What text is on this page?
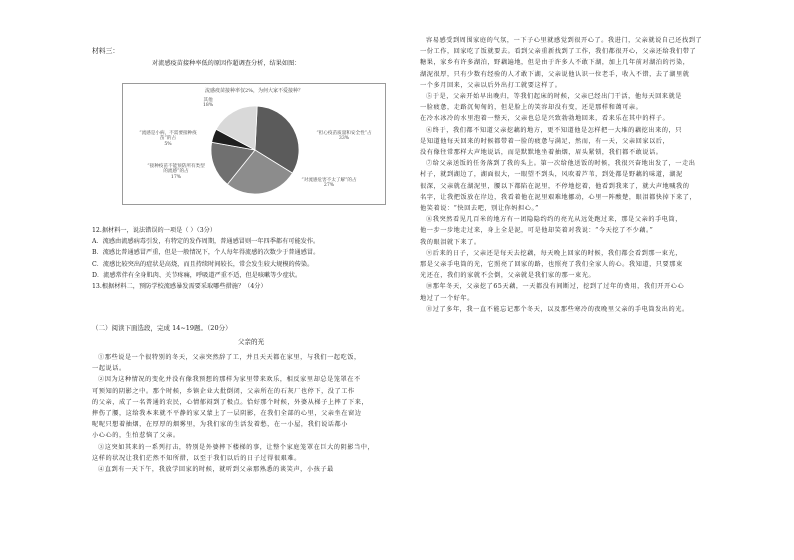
材料三：
对流感疫苗接种率低的原因作超调查分析，结果如图：
流感疫苗接种率仅2%，为何大家不爱接种？
其他
18%
“担心疫苗质量和安全性”占
33%
“对流感危害不太了解”的占
27%
“接种疫苗不能预防所有类型的流感”的占
17%
“流感是小病，不需要接种疫苗”的占
5%
12.据材料一，说法错误的一项是（ ）（3分）
A．流感由流感病毒引发，有特定的发作周期，普通感冒则一年四季都有可能发作。
B．流感比普通感冒严重，但是一般情况下，个人每年得流感的次数少于普通感冒。
C．流感比较突出的症状是高烧，而且持续时间较长，常会发生较大规模的传染。
D．流感常伴有全身肌肉、关节疼痛，呼吸道严重不适，但是咳嗽等少症状。
13.根据材料二，预防学校流感暴发需要采取哪些措施？（4分）
（二）阅读下面选段，完成 14~19题。（20分）
父亲的光
①那些说是一个很特别的冬天，父亲突然辞了工，并且天天都在家里，与我们一起吃饭，
一起说话。
②因为这种情况的变化并没有像我预想的那样为家里带来欢乐，相反家里却总是笼罩在不
可预知的阴影之中。那个时候，乡镇企业大批倒闭，父亲所在的石灰厂也停下，没了工作
的父亲，成了一名普通的农民，心情郁闷到了极点。恰好那个时候，外婆从梯子上摔了下来，
摔伤了腰，这给我本来就不平静的家又蒙上了一层阴影，在我们全部的心里，父亲坐在窗边
呢呢只想着抽烟，在厚厚的烟雾里，为我们家的生活发着愁，在一小屋，我们说话都小
小心心的，生怕惹恼了父亲。
③这突如其来的一系列打击，特别是外婆摔下楼梯的事，让整个家庭笼罩在巨大的阴影当中，
这样的状况让我们茫然不知所措，以至于我们以后的日子过得很艰难。
④直到有一天下午，我放学回家的时候，就听到父亲那熟悉的谈笑声，小孩子最
容易感受到周围家庭的气氛，一下子心里就感觉到很开心了。我进门，父亲就说自己还找到了
一份工作，回家吃了饭就要去。看到父亲重新找到了工作，我们都很开心，父亲还给我们带了
糖果，家乡有许多湖泊，野藕遍地，但是由于许多人不敢下湖，加上几年前对湖泊的污染，
湖泥很厚，只有少数有经验的人才敢下湖，父亲说他认识一位老手，收入不错，去了湖里就
一个多月回来，父亲以后外出打工就要这样了。
⑤于是，父亲开始早出晚归，等我们起床的时候，父亲已经出门干活，他每天回来就是
一脸疲惫，走路沉甸甸的，但是脸上的笑容却没有变，还是那样和蔼可亲。
在冷水冰冷的水里泡着一整天，父亲也总是兴致勃勃地回来，看来乐在其中的样子。
⑥终于，我们都不知道父亲挖藕的地方，更不知道他是怎样把一大堆的藕挖出来的，只
是知道他每天回来的时候都带着一脸的疲惫与满足，然而，有一天，父亲回家以后，
没有像往常那样大声地说话，而是默默地坐着抽烟，眉头紧锁，我们都不敢说话。
⑦给父亲送饭的任务落到了我的头上。第一次给他送饭的时候，我很兴奋地出发了，一走出
村子，就到湖边了，湖面很大，一眼望不到头，风吹着芦苇，到处都是野藕的味道，湖泥
很深，父亲就在湖泥里，腰以下都陷在泥里，不停地挖着，他看到我来了，就大声地喊我的
名字，让我把饭放在岸边，我看着他在泥里艰难地挪动，心里一阵酸楚，眼泪都快掉下来了，
他笑着说：“快回去吧，别让你妈担心。”
⑧我突然看见几百米的地方有一团隐隐约约的亮光从远处跑过来，那是父亲的手电筒，
他一步一步地走过来，身上全是泥，可是他却笑着对我说：“今天挖了不少藕。”
我的眼泪就下来了。
⑨后来的日子，父亲还是每天去挖藕，每天晚上回家的时候，我们都会看到那一束光，
那是父亲手电筒的光，它照亮了回家的路，也照亮了我们全家人的心。我知道，只要那束
光还在，我们的家就不会倒，父亲就是我们家的那一束光。
⑩那年冬天，父亲挖了65天藕，一天都没有间断过，挖到了过年的费用，我们开开心心
地过了一个好年。
⑪过了多年，我一直不能忘记那个冬天，以及那些寒冷的夜晚里父亲的手电筒发出的光。
